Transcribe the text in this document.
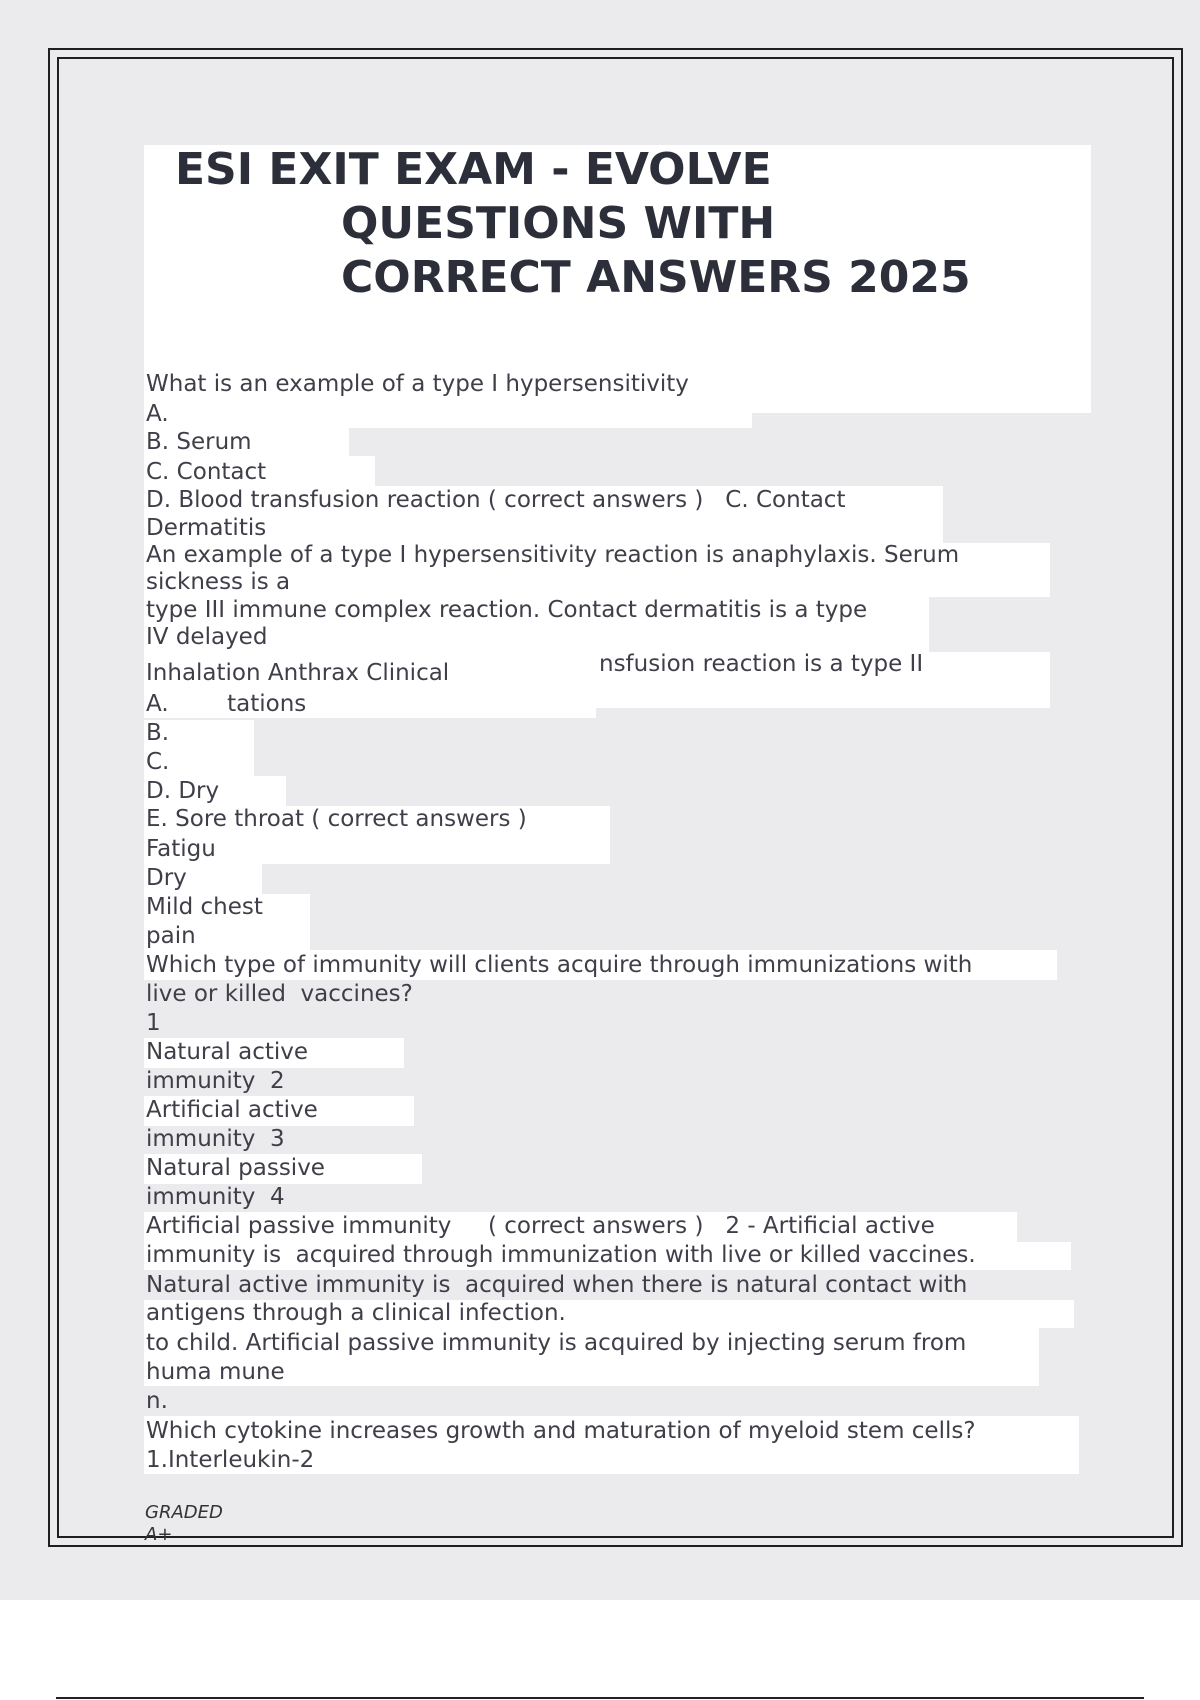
ESI EXIT EXAM - EVOLVE
QUESTIONS WITH
CORRECT ANSWERS 2025
What is an example of a type I hypersensitivity
A.
B. Serum
C. Contact
D. Blood transfusion reaction ( correct answers )   C. Contact
Dermatitis
An example of a type I hypersensitivity reaction is anaphylaxis. Serum
sickness is a
type III immune complex reaction. Contact dermatitis is a type
IV delayed
nsfusion reaction is a type II
Inhalation Anthrax Clinical
A.        tations
B.
C.
D. Dry
E. Sore throat ( correct answers )
Fatigu
Dry
Mild chest
pain
Which type of immunity will clients acquire through immunizations with
live or killed  vaccines?
1
Natural active
immunity  2
Artificial active
immunity  3
Natural passive
immunity  4
Artificial passive immunity     ( correct answers )   2 - Artificial active
immunity is  acquired through immunization with live or killed vaccines.
Natural active immunity is  acquired when there is natural contact with
antigens through a clinical infection.
to child. Artificial passive immunity is acquired by injecting serum from
huma mune
n.
Which cytokine increases growth and maturation of myeloid stem cells?
1.Interleukin-2
GRADED
A+
